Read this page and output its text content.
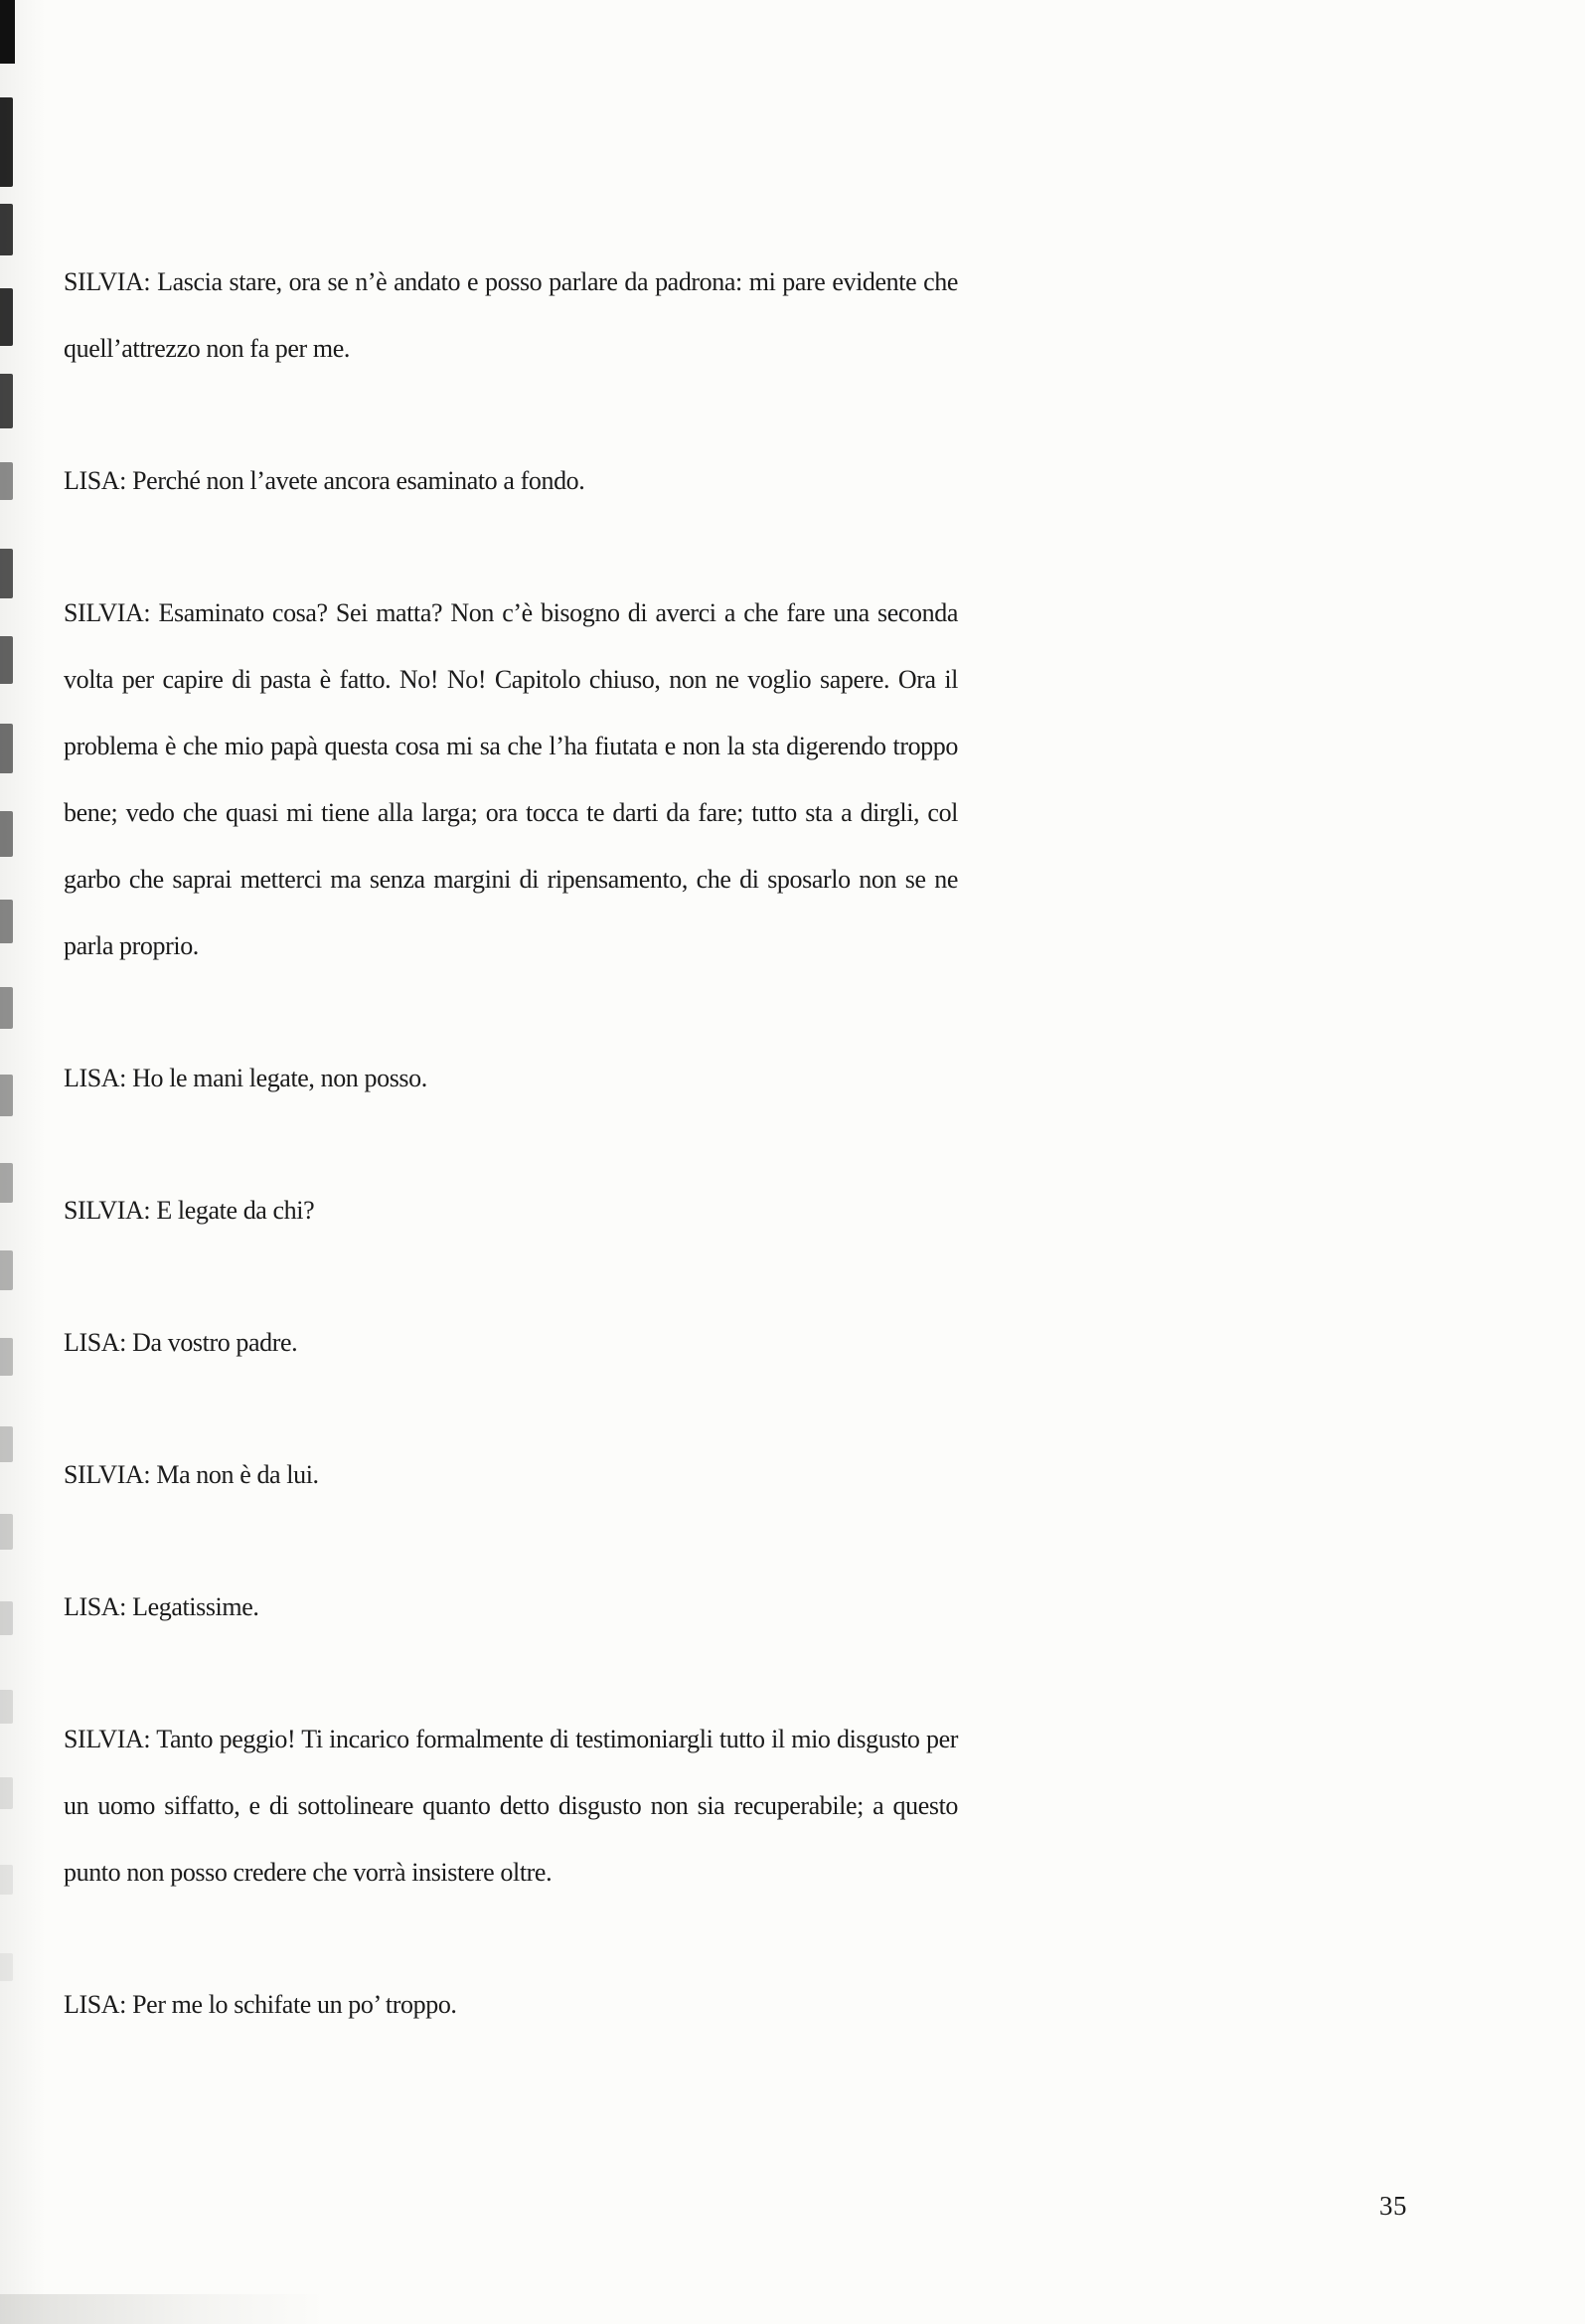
SILVIA: Lascia stare, ora se n’è andato e posso parlare da padrona: mi pare evidente che quell’attrezzo non fa per me.

LISA: Perché non l’avete ancora esaminato a fondo.

SILVIA: Esaminato cosa? Sei matta? Non c’è bisogno di averci a che fare una seconda volta per capire di pasta è fatto. No! No! Capitolo chiuso, non ne voglio sapere. Ora il problema è che mio papà questa cosa mi sa che l’ha fiutata e non la sta digerendo troppo bene; vedo che quasi mi tiene alla larga; ora tocca te darti da fare; tutto sta a dirgli, col garbo che saprai metterci ma senza margini di ripensamento, che di sposarlo non se ne parla proprio.

LISA: Ho le mani legate, non posso.

SILVIA: E legate da chi?

LISA: Da vostro padre.

SILVIA: Ma non è da lui.

LISA: Legatissime.

SILVIA: Tanto peggio! Ti incarico formalmente di testimoniargli tutto il mio disgusto per un uomo siffatto, e di sottolineare quanto detto disgusto non sia recuperabile; a questo punto non posso credere che vorrà insistere oltre.

LISA: Per me lo schifate un po’ troppo.

35
